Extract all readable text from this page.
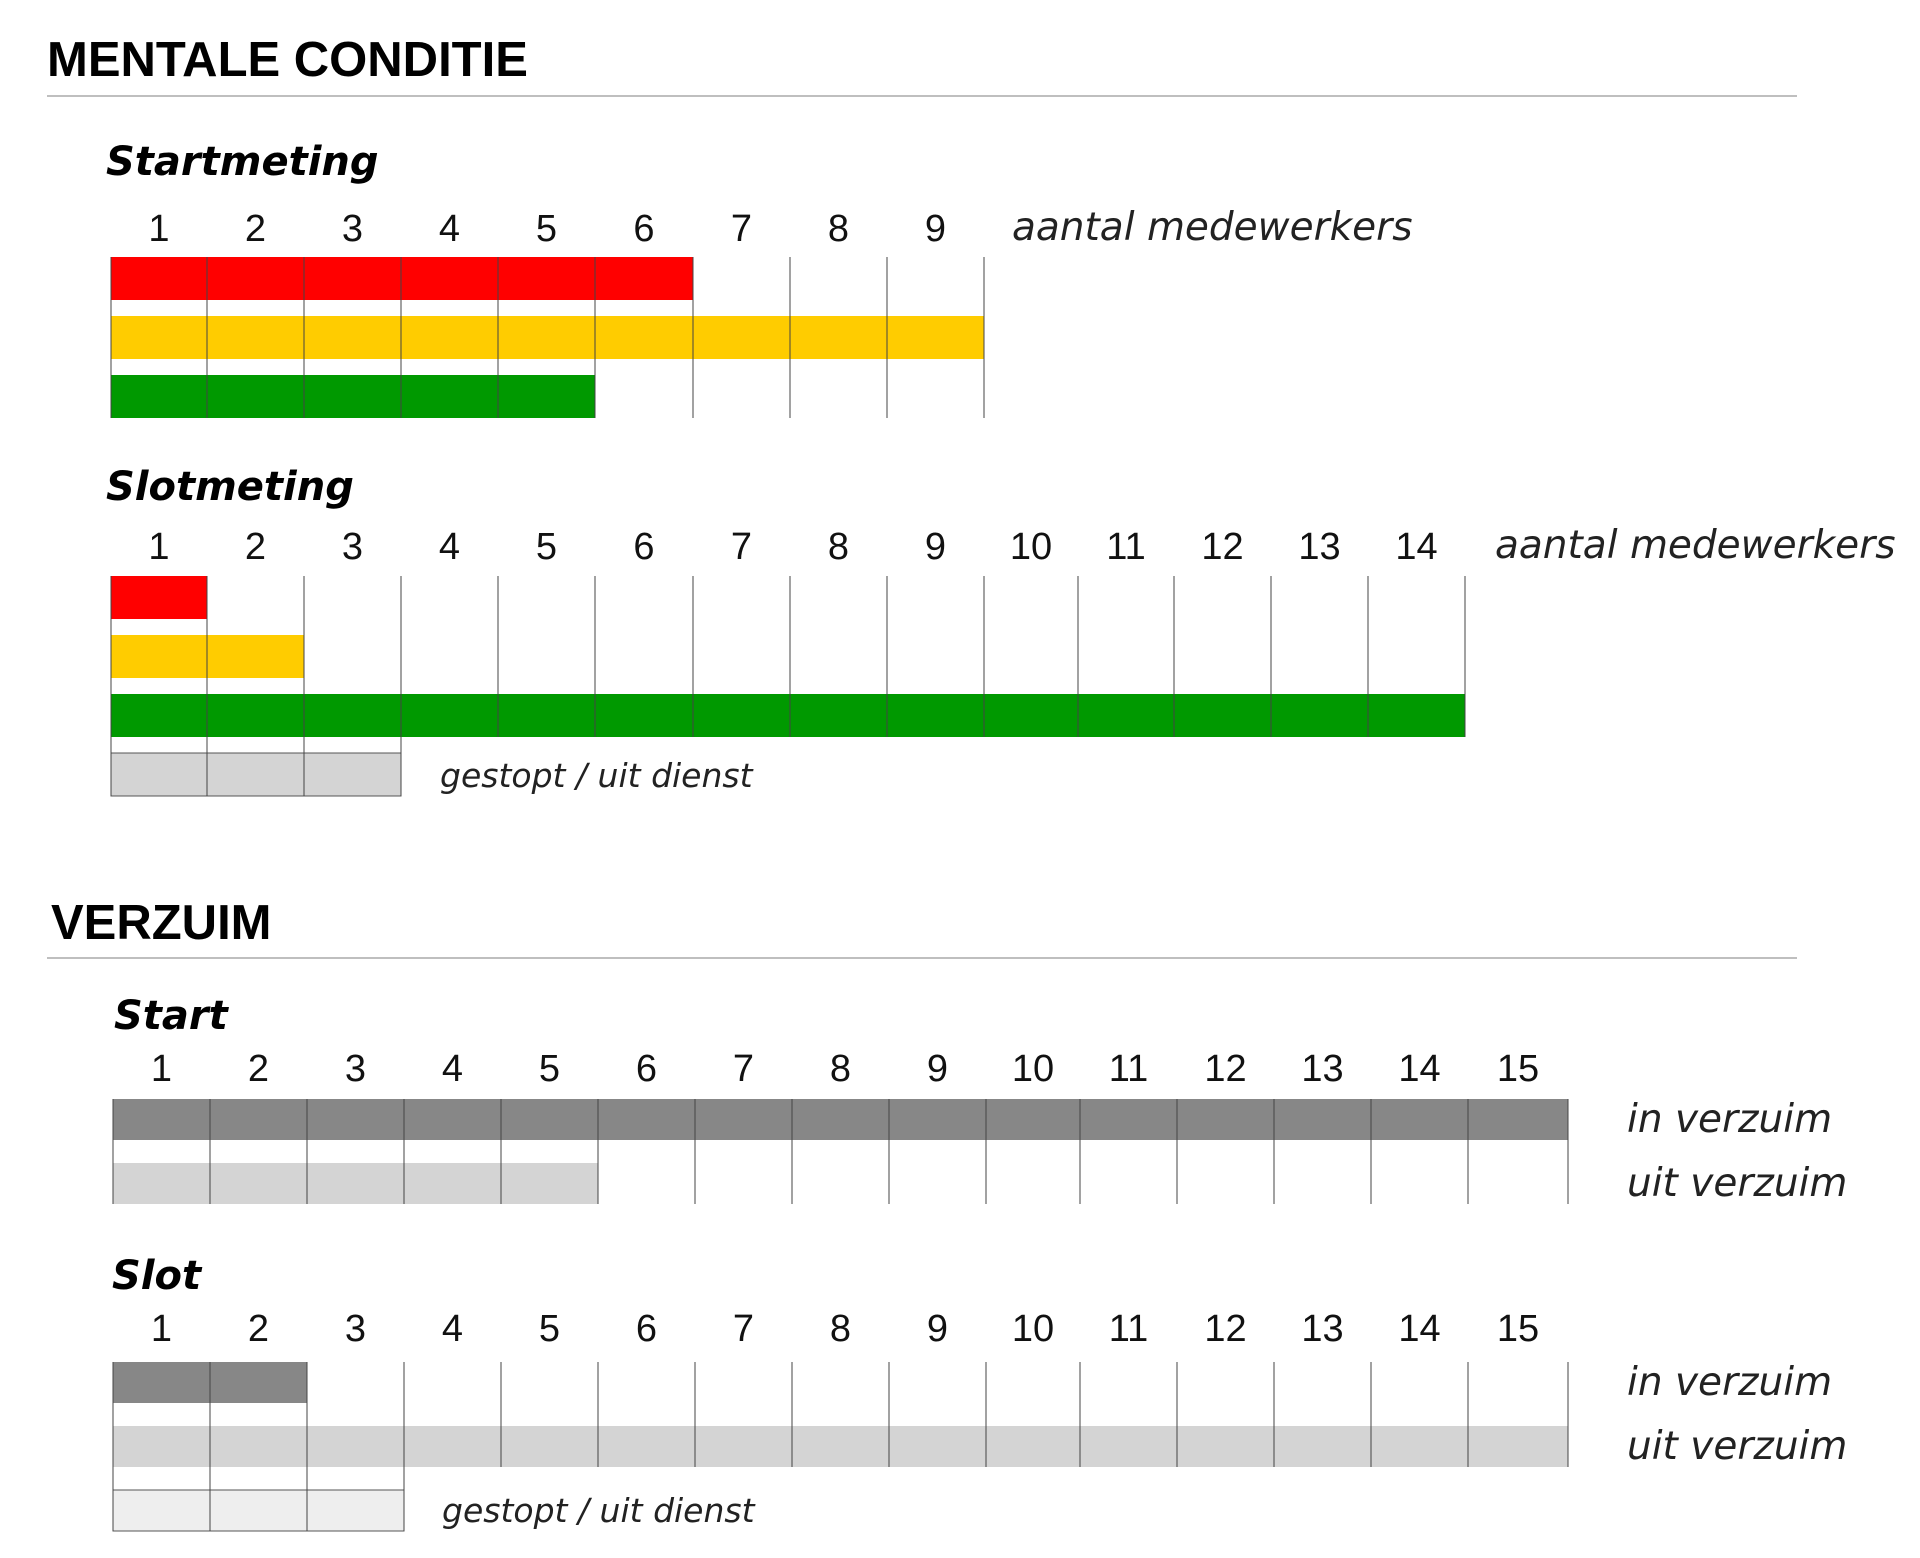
MENTALE CONDITIE
Startmeting
aantal medewerkers
1 2 3 4 5 6 7 8 9
Slotmeting
aantal medewerkers
1 2 3 4 5 6 7 8 9 10 11 12 13 14
gestopt / uit dienst
VERZUIM
Start
1 2 3 4 5 6 7 8 9 10 11 12 13 14 15
in verzuim
uit verzuim
Slot
1 2 3 4 5 6 7 8 9 10 11 12 13 14 15
in verzuim
uit verzuim
gestopt / uit dienst
